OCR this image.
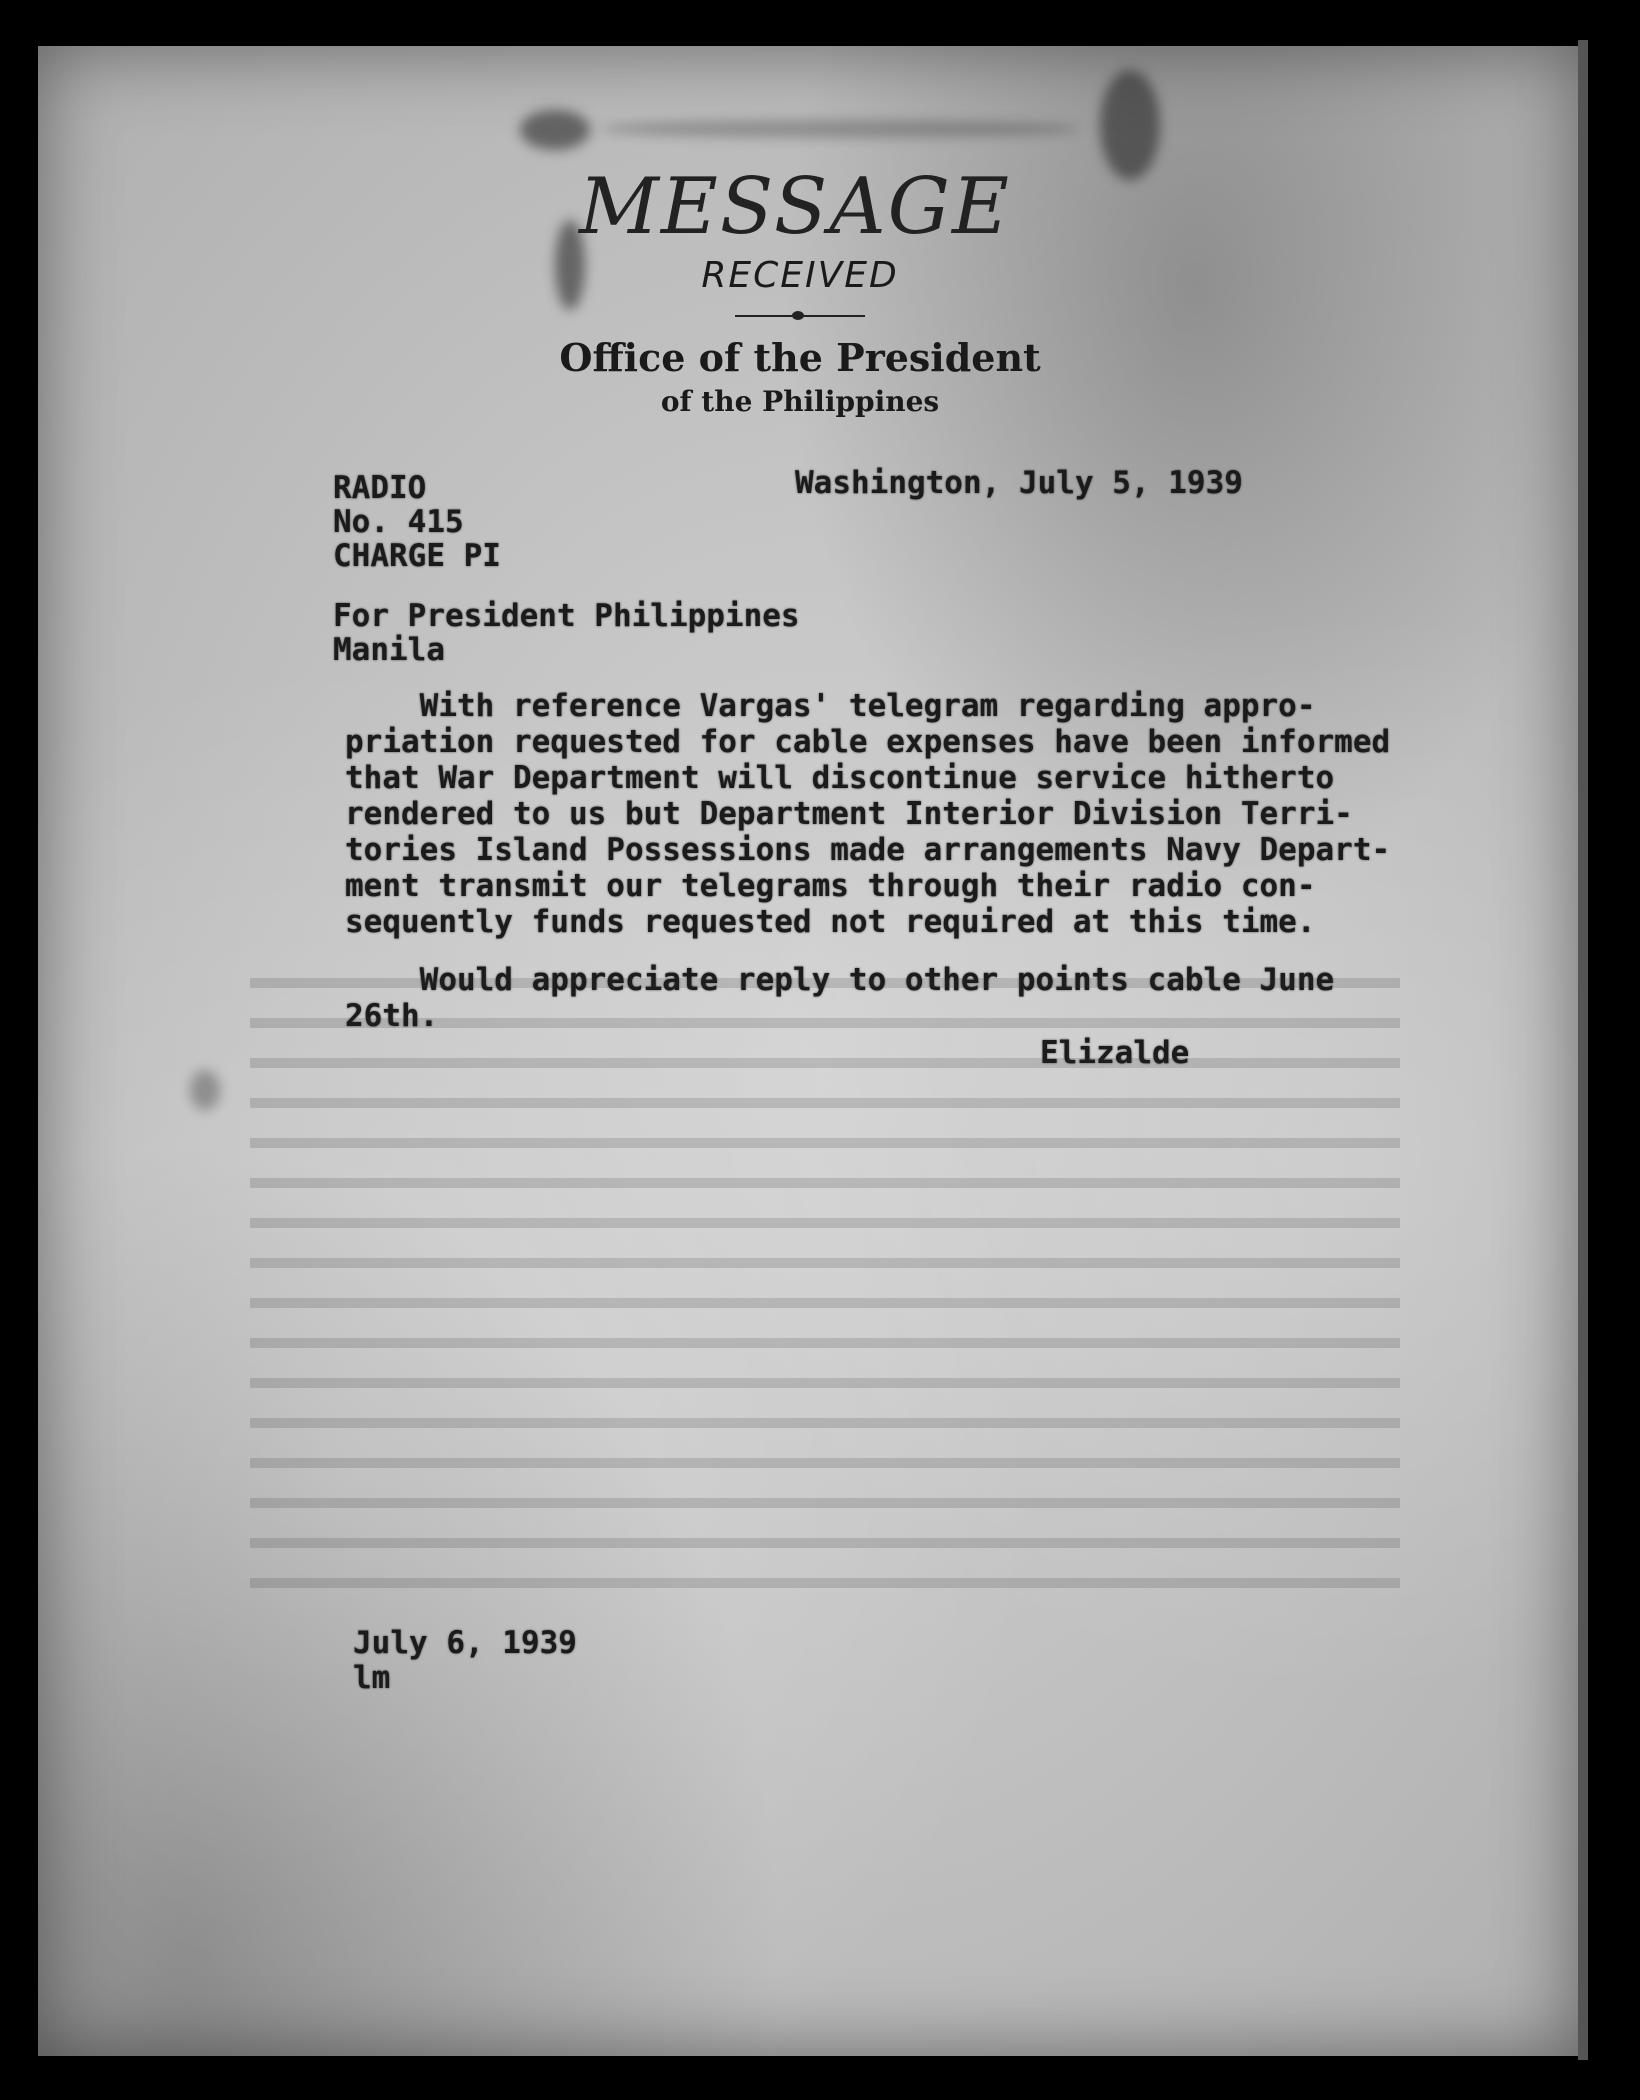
MESSAGE
RECEIVED
Office of the President
of the Philippines
RADIO
No. 415
CHARGE PI
Washington, July 5, 1939
For President Philippines
Manila
With reference Vargas' telegram regarding appro-
priation requested for cable expenses have been informed
that War Department will discontinue service hitherto
rendered to us but Department Interior Division Terri-
tories Island Possessions made arrangements Navy Depart-
ment transmit our telegrams through their radio con-
sequently funds requested not required at this time.
Would appreciate reply to other points cable June
26th.
Elizalde
July 6, 1939
lm
